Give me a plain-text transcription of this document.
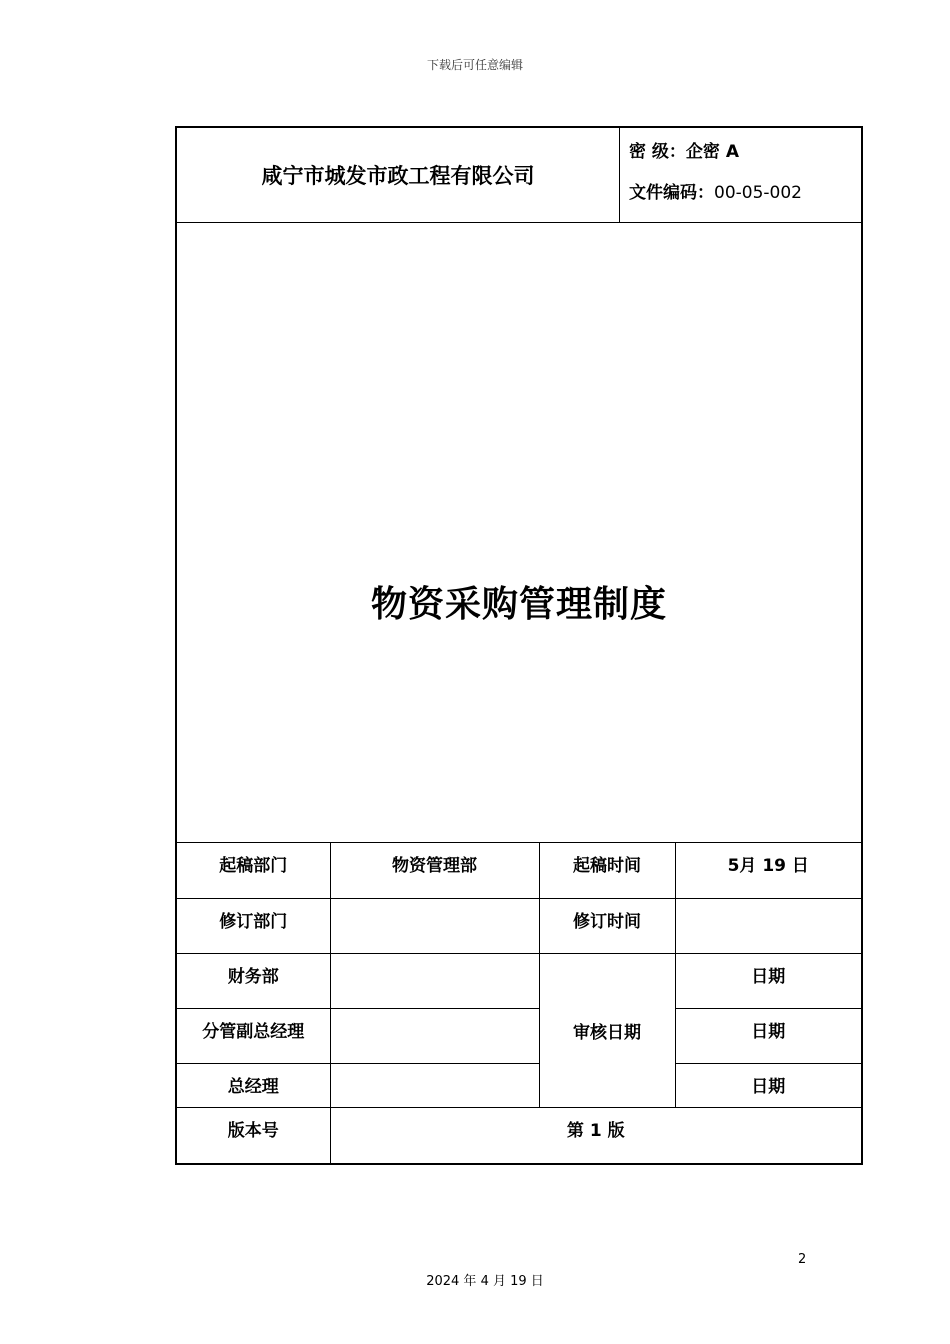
下载后可任意编辑
咸宁市城发市政工程有限公司
密 级：企密 A
文件编码：00-05-002
物资采购管理制度
起稿部门	物资管理部	起稿时间	5月 19 日
修订部门		修订时间	
财务部		审核日期	日期
分管副总经理			日期
总经理			日期
版本号	第 1 版		
2
2024 年 4 月 19 日
